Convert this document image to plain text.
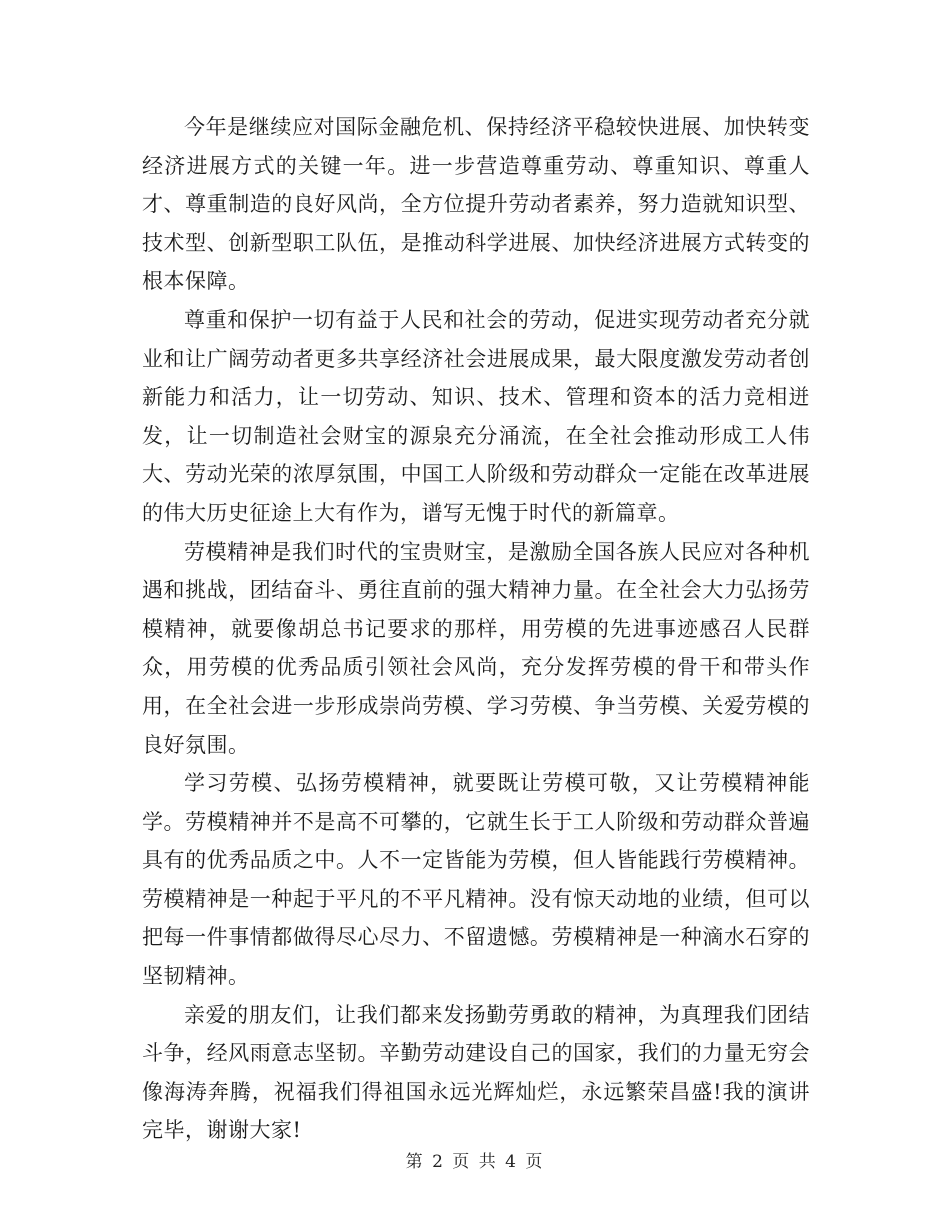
今年是继续应对国际金融危机、保持经济平稳较快进展、加快转变经济进展方式的关键一年。进一步营造尊重劳动、尊重知识、尊重人才、尊重制造的良好风尚，全方位提升劳动者素养，努力造就知识型、技术型、创新型职工队伍，是推动科学进展、加快经济进展方式转变的根本保障。

尊重和保护一切有益于人民和社会的劳动，促进实现劳动者充分就业和让广阔劳动者更多共享经济社会进展成果，最大限度激发劳动者创新能力和活力，让一切劳动、知识、技术、管理和资本的活力竞相迸发，让一切制造社会财宝的源泉充分涌流，在全社会推动形成工人伟大、劳动光荣的浓厚氛围，中国工人阶级和劳动群众一定能在改革进展的伟大历史征途上大有作为，谱写无愧于时代的新篇章。

劳模精神是我们时代的宝贵财宝，是激励全国各族人民应对各种机遇和挑战，团结奋斗、勇往直前的强大精神力量。在全社会大力弘扬劳模精神，就要像胡总书记要求的那样，用劳模的先进事迹感召人民群众，用劳模的优秀品质引领社会风尚，充分发挥劳模的骨干和带头作用，在全社会进一步形成崇尚劳模、学习劳模、争当劳模、关爱劳模的良好氛围。

学习劳模、弘扬劳模精神，就要既让劳模可敬，又让劳模精神能学。劳模精神并不是高不可攀的，它就生长于工人阶级和劳动群众普遍具有的优秀品质之中。人不一定皆能为劳模，但人皆能践行劳模精神。劳模精神是一种起于平凡的不平凡精神。没有惊天动地的业绩，但可以把每一件事情都做得尽心尽力、不留遗憾。劳模精神是一种滴水石穿的坚韧精神。

亲爱的朋友们，让我们都来发扬勤劳勇敢的精神，为真理我们团结斗争，经风雨意志坚韧。辛勤劳动建设自己的国家，我们的力量无穷会像海涛奔腾，祝福我们得祖国永远光辉灿烂，永远繁荣昌盛!我的演讲完毕，谢谢大家!

第 2 页 共 4 页
